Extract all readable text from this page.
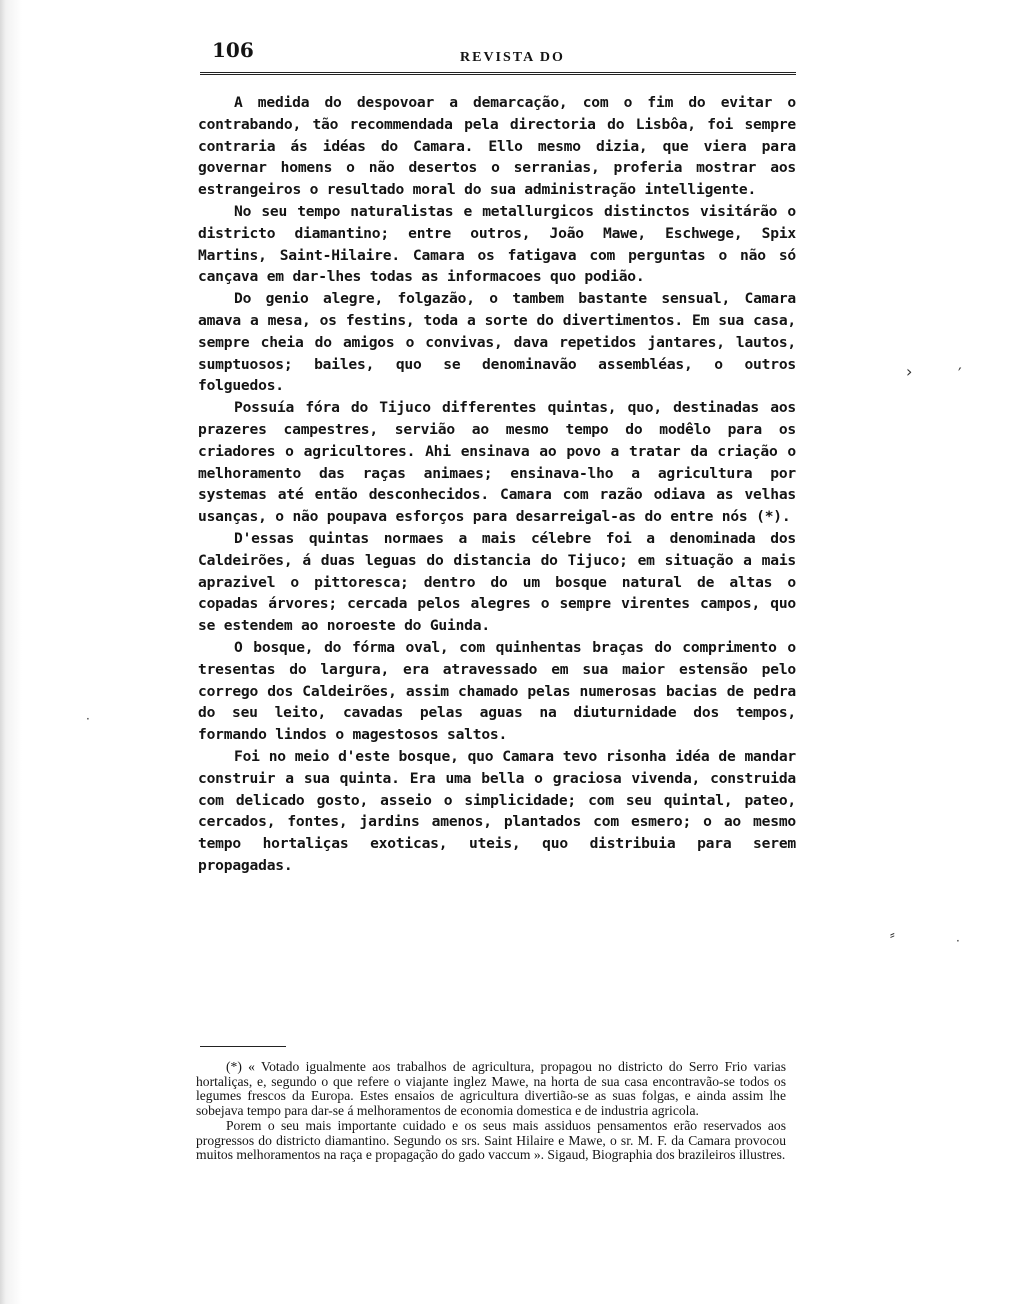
106	REVISTA DO

A medida do despovoar a demarcação, com o fim do evitar o contrabando, tão recommendada pela directoria do Lisbôa, foi sempre contraria ás idéas do Camara. Ello mesmo dizia, que viera para governar homens o não desertos o serranias, proferia mostrar aos estrangeiros o resultado moral do sua administração intelligente.

No seu tempo naturalistas e metallurgicos distinctos visitárão o districto diamantino; entre outros, João Mawe, Eschwege, Spix Martins, Saint-Hilaire. Camara os fatigava com perguntas o não só cançava em dar-lhes todas as informacoes quo podião.

Do genio alegre, folgazão, o tambem bastante sensual, Camara amava a mesa, os festins, toda a sorte do divertimentos. Em sua casa, sempre cheia do amigos o convivas, dava repetidos jantares, lautos, sumptuosos; bailes, quo se denominavão assembléas, o outros folguedos.

Possuía fóra do Tijuco differentes quintas, quo, destinadas aos prazeres campestres, servião ao mesmo tempo do modêlo para os criadores o agricultores. Ahi ensinava ao povo a tratar da criação o melhoramento das raças animaes; ensinava-lho a agricultura por systemas até então desconhecidos. Camara com razão odiava as velhas usanças, o não poupava esforços para desarreigal-as do entre nós (*).

D'essas quintas normaes a mais célebre foi a denominada dos Caldeirões, á duas leguas do distancia do Tijuco; em situação a mais aprazivel o pittoresca; dentro do um bosque natural de altas o copadas árvores; cercada pelos alegres o sempre virentes campos, quo se estendem ao noroeste do Guinda.

O bosque, do fórma oval, com quinhentas braças do comprimento o tresentas do largura, era atravessado em sua maior estensão pelo corrego dos Caldeirões, assim chamado pelas numerosas bacias de pedra do seu leito, cavadas pelas aguas na diuturnidade dos tempos, formando lindos o magestosos saltos.

Foi no meio d'este bosque, quo Camara tevo risonha idéa de mandar construir a sua quinta. Era uma bella o graciosa vivenda, construida com delicado gosto, asseio o simplicidade; com seu quintal, pateo, cercados, fontes, jardins amenos, plantados com esmero; o ao mesmo tempo hortaliças exoticas, uteis, quo distribuia para serem propagadas.

(*) « Votado igualmente aos trabalhos de agricultura, propagou no districto do Serro Frio varias hortaliças, e, segundo o que refere o viajante inglez Mawe, na horta de sua casa encontravão-se todos os legumes frescos da Europa. Estes ensaios de agricultura divertião-se as suas folgas, e ainda assim lhe sobejava tempo para dar-se á melhoramentos de economia domestica e de industria agricola.

Porem o seu mais importante cuidado e os seus mais assiduos pensamentos erão reservados aos progressos do districto diamantino. Segundo os srs. Saint Hilaire e Mawe, o sr. M. F. da Camara provocou muitos melhoramentos na raça e propagação do gado vaccum ». Sigaud, Biographia dos brazileiros illustres.

›	′
⸗	·
·
